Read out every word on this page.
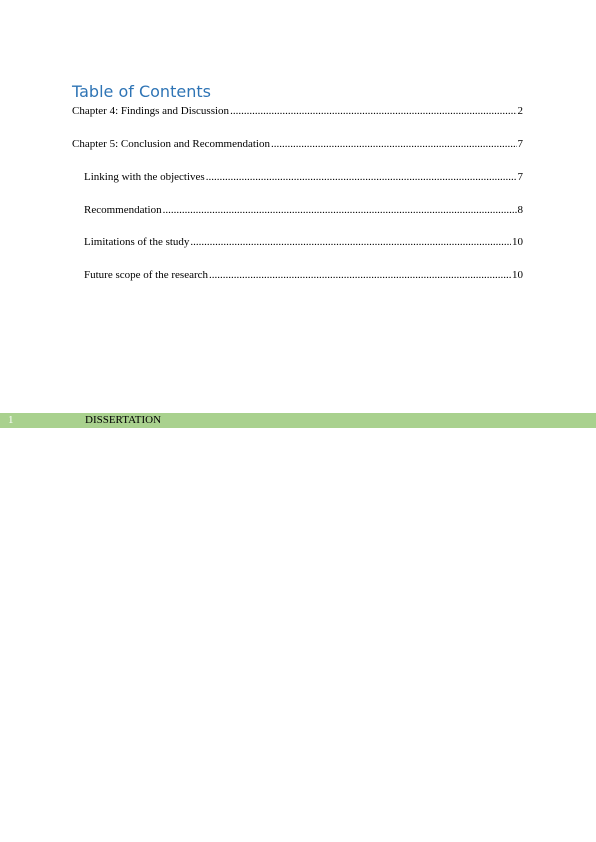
Table of Contents
Chapter 4: Findings and Discussion .....	2
Chapter 5: Conclusion and Recommendation .....	7
Linking with the objectives .....	7
Recommendation .....	8
Limitations of the study .....	10
Future scope of the research .....	10
1	DISSERTATION
